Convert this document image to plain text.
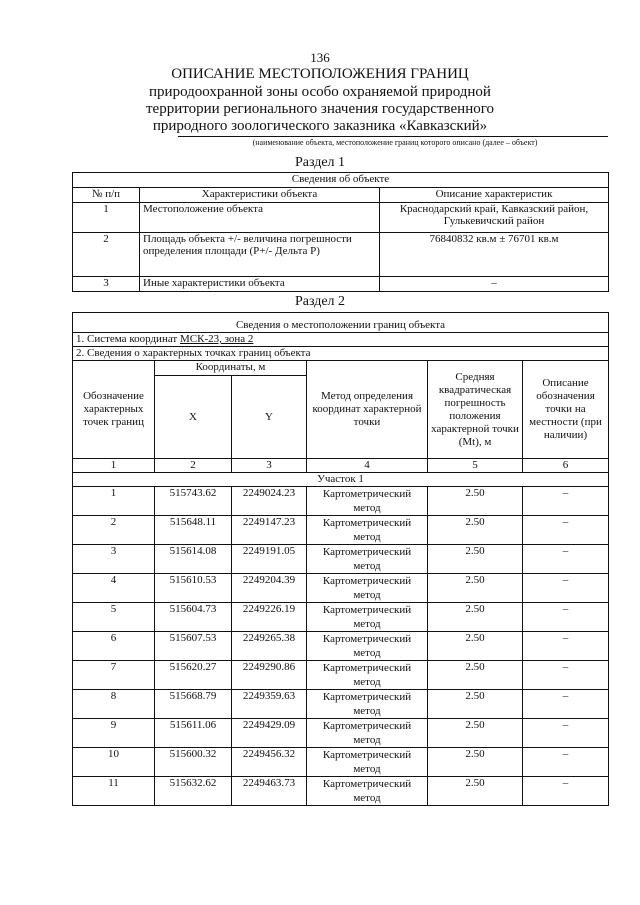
136
ОПИСАНИЕ МЕСТОПОЛОЖЕНИЯ ГРАНИЦ
природоохранной зоны особо охраняемой природной
территории регионального значения государственного
природного зоологического заказника «Кавказский»
(наименование объекта, местоположение границ которого описано (далее – объект)
Раздел 1
Сведения об объекте		
№ п/п	Характеристики объекта	Описание характеристик
1	Местоположение объекта	Краснодарский край, Кавказский район, Гулькевичский район
2	Площадь объекта +/- величина погрешности определения площади (P+/- Дельта P)	76840832 кв.м ± 76701 кв.м
3	Иные характеристики объекта	–
Раздел 2
Сведения о местоположении границ объекта					
1. Система координат МСК-23, зона 2					
2. Сведения о характерных точках границ объекта					
Обозначение характерных точек границ	Координаты, м		Метод определения координат характерной точки	Средняя квадратическая погрешность положения характерной точки (Mt), м	Описание обозначения точки на местности (при наличии)
	X	Y			
1	2	3	4	5	6
Участок 1					
1	515743.62	2249024.23	Картометрический метод	2.50	–
2	515648.11	2249147.23	Картометрический метод	2.50	–
3	515614.08	2249191.05	Картометрический метод	2.50	–
4	515610.53	2249204.39	Картометрический метод	2.50	–
5	515604.73	2249226.19	Картометрический метод	2.50	–
6	515607.53	2249265.38	Картометрический метод	2.50	–
7	515620.27	2249290.86	Картометрический метод	2.50	–
8	515668.79	2249359.63	Картометрический метод	2.50	–
9	515611.06	2249429.09	Картометрический метод	2.50	–
10	515600.32	2249456.32	Картометрический метод	2.50	–
11	515632.62	2249463.73	Картометрический метод	2.50	–
